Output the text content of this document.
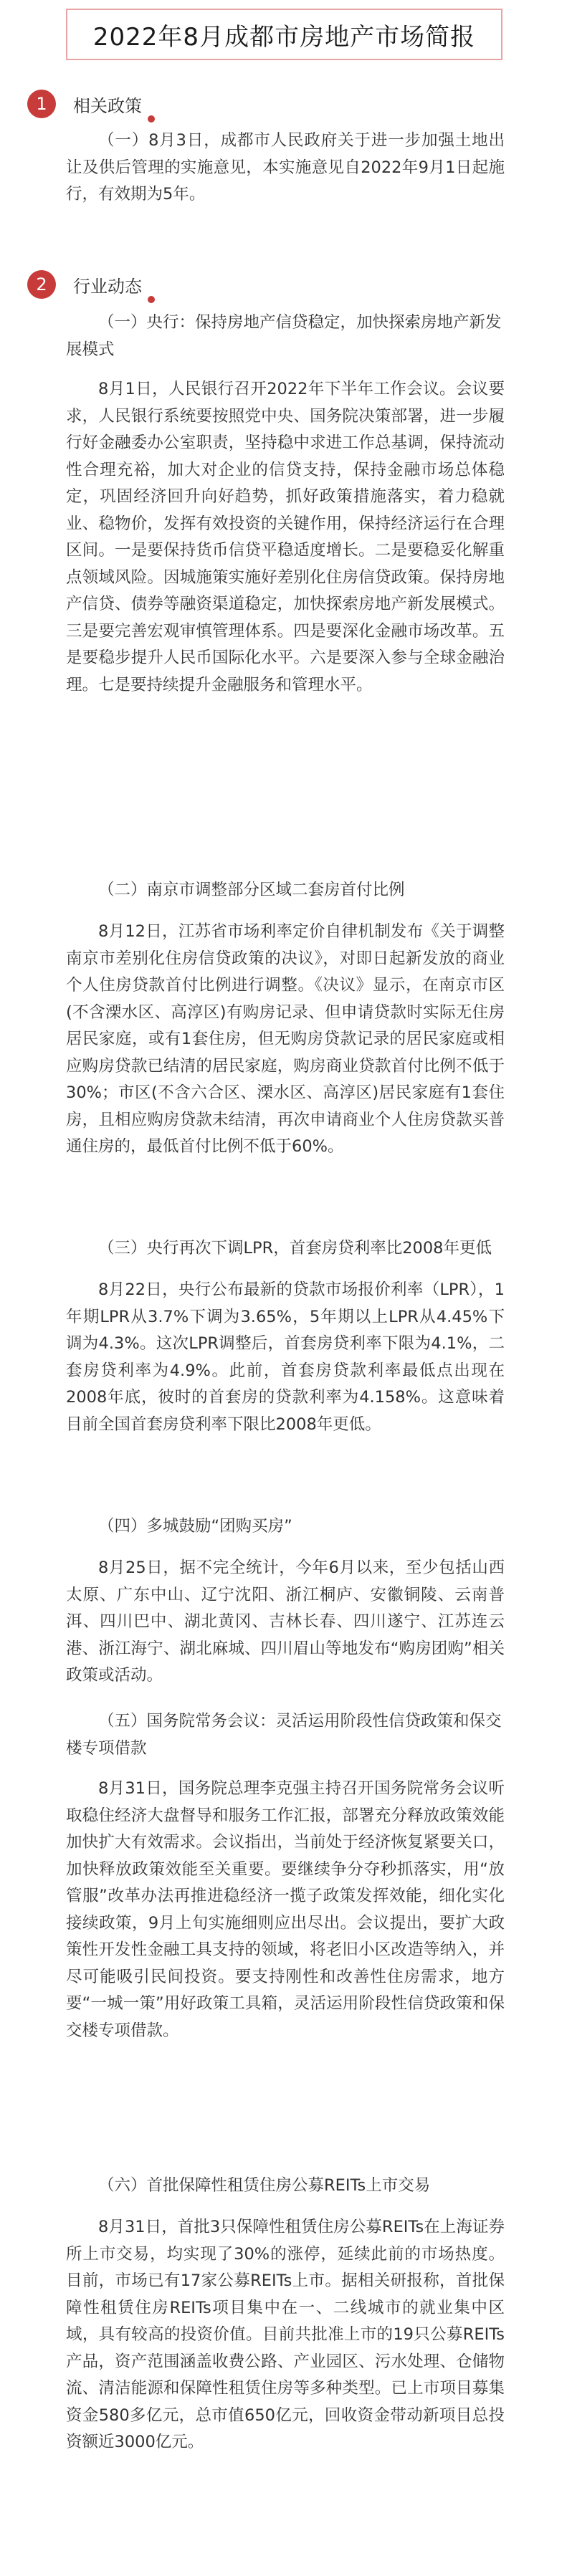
2022年8月成都市房地产市场简报
1	相关政策

（一）8月3日，成都市人民政府关于进一步加强土地出让及供后管理的实施意见，本实施意见自2022年9月1日起施行，有效期为5年。

2	行业动态

（一）央行：保持房地产信贷稳定，加快探索房地产新发展模式

8月1日，人民银行召开2022年下半年工作会议。会议要求，人民银行系统要按照党中央、国务院决策部署，进一步履行好金融委办公室职责，坚持稳中求进工作总基调，保持流动性合理充裕，加大对企业的信贷支持，保持金融市场总体稳定，巩固经济回升向好趋势，抓好政策措施落实，着力稳就业、稳物价，发挥有效投资的关键作用，保持经济运行在合理区间。一是要保持货币信贷平稳适度增长。二是要稳妥化解重点领域风险。因城施策实施好差别化住房信贷政策。保持房地产信贷、债券等融资渠道稳定，加快探索房地产新发展模式。三是要完善宏观审慎管理体系。四是要深化金融市场改革。五是要稳步提升人民币国际化水平。六是要深入参与全球金融治理。七是要持续提升金融服务和管理水平。

（二）南京市调整部分区域二套房首付比例

8月12日，江苏省市场利率定价自律机制发布《关于调整南京市差别化住房信贷政策的决议》，对即日起新发放的商业个人住房贷款首付比例进行调整。《决议》显示，在南京市区(不含溧水区、高淳区)有购房记录、但申请贷款时实际无住房居民家庭，或有1套住房，但无购房贷款记录的居民家庭或相应购房贷款已结清的居民家庭，购房商业贷款首付比例不低于30%；市区(不含六合区、溧水区、高淳区)居民家庭有1套住房，且相应购房贷款未结清，再次申请商业个人住房贷款买普通住房的，最低首付比例不低于60%。

（三）央行再次下调LPR，首套房贷利率比2008年更低

8月22日，央行公布最新的贷款市场报价利率（LPR），1年期LPR从3.7%下调为3.65%，5年期以上LPR从4.45%下调为4.3%。这次LPR调整后，首套房贷利率下限为4.1%，二套房贷利率为4.9%。此前，首套房贷款利率最低点出现在2008年底，彼时的首套房的贷款利率为4.158%。这意味着目前全国首套房贷利率下限比2008年更低。

（四）多城鼓励“团购买房”

8月25日，据不完全统计，今年6月以来，至少包括山西太原、广东中山、辽宁沈阳、浙江桐庐、安徽铜陵、云南普洱、四川巴中、湖北黄冈、吉林长春、四川遂宁、江苏连云港、浙江海宁、湖北麻城、四川眉山等地发布“购房团购”相关政策或活动。

（五）国务院常务会议：灵活运用阶段性信贷政策和保交楼专项借款

8月31日，国务院总理李克强主持召开国务院常务会议听取稳住经济大盘督导和服务工作汇报，部署充分释放政策效能加快扩大有效需求。会议指出，当前处于经济恢复紧要关口，加快释放政策效能至关重要。要继续争分夺秒抓落实，用“放管服”改革办法再推进稳经济一揽子政策发挥效能，细化实化接续政策，9月上旬实施细则应出尽出。会议提出，要扩大政策性开发性金融工具支持的领域，将老旧小区改造等纳入，并尽可能吸引民间投资。要支持刚性和改善性住房需求，地方要“一城一策”用好政策工具箱，灵活运用阶段性信贷政策和保交楼专项借款。

（六）首批保障性租赁住房公募REITs上市交易

8月31日，首批3只保障性租赁住房公募REITs在上海证券所上市交易，均实现了30%的涨停，延续此前的市场热度。目前，市场已有17家公募REITs上市。据相关研报称，首批保障性租赁住房REITs项目集中在一、二线城市的就业集中区域，具有较高的投资价值。目前共批准上市的19只公募REITs产品，资产范围涵盖收费公路、产业园区、污水处理、仓储物流、清洁能源和保障性租赁住房等多种类型。已上市项目募集资金580多亿元，总市值650亿元，回收资金带动新项目总投资额近3000亿元。
